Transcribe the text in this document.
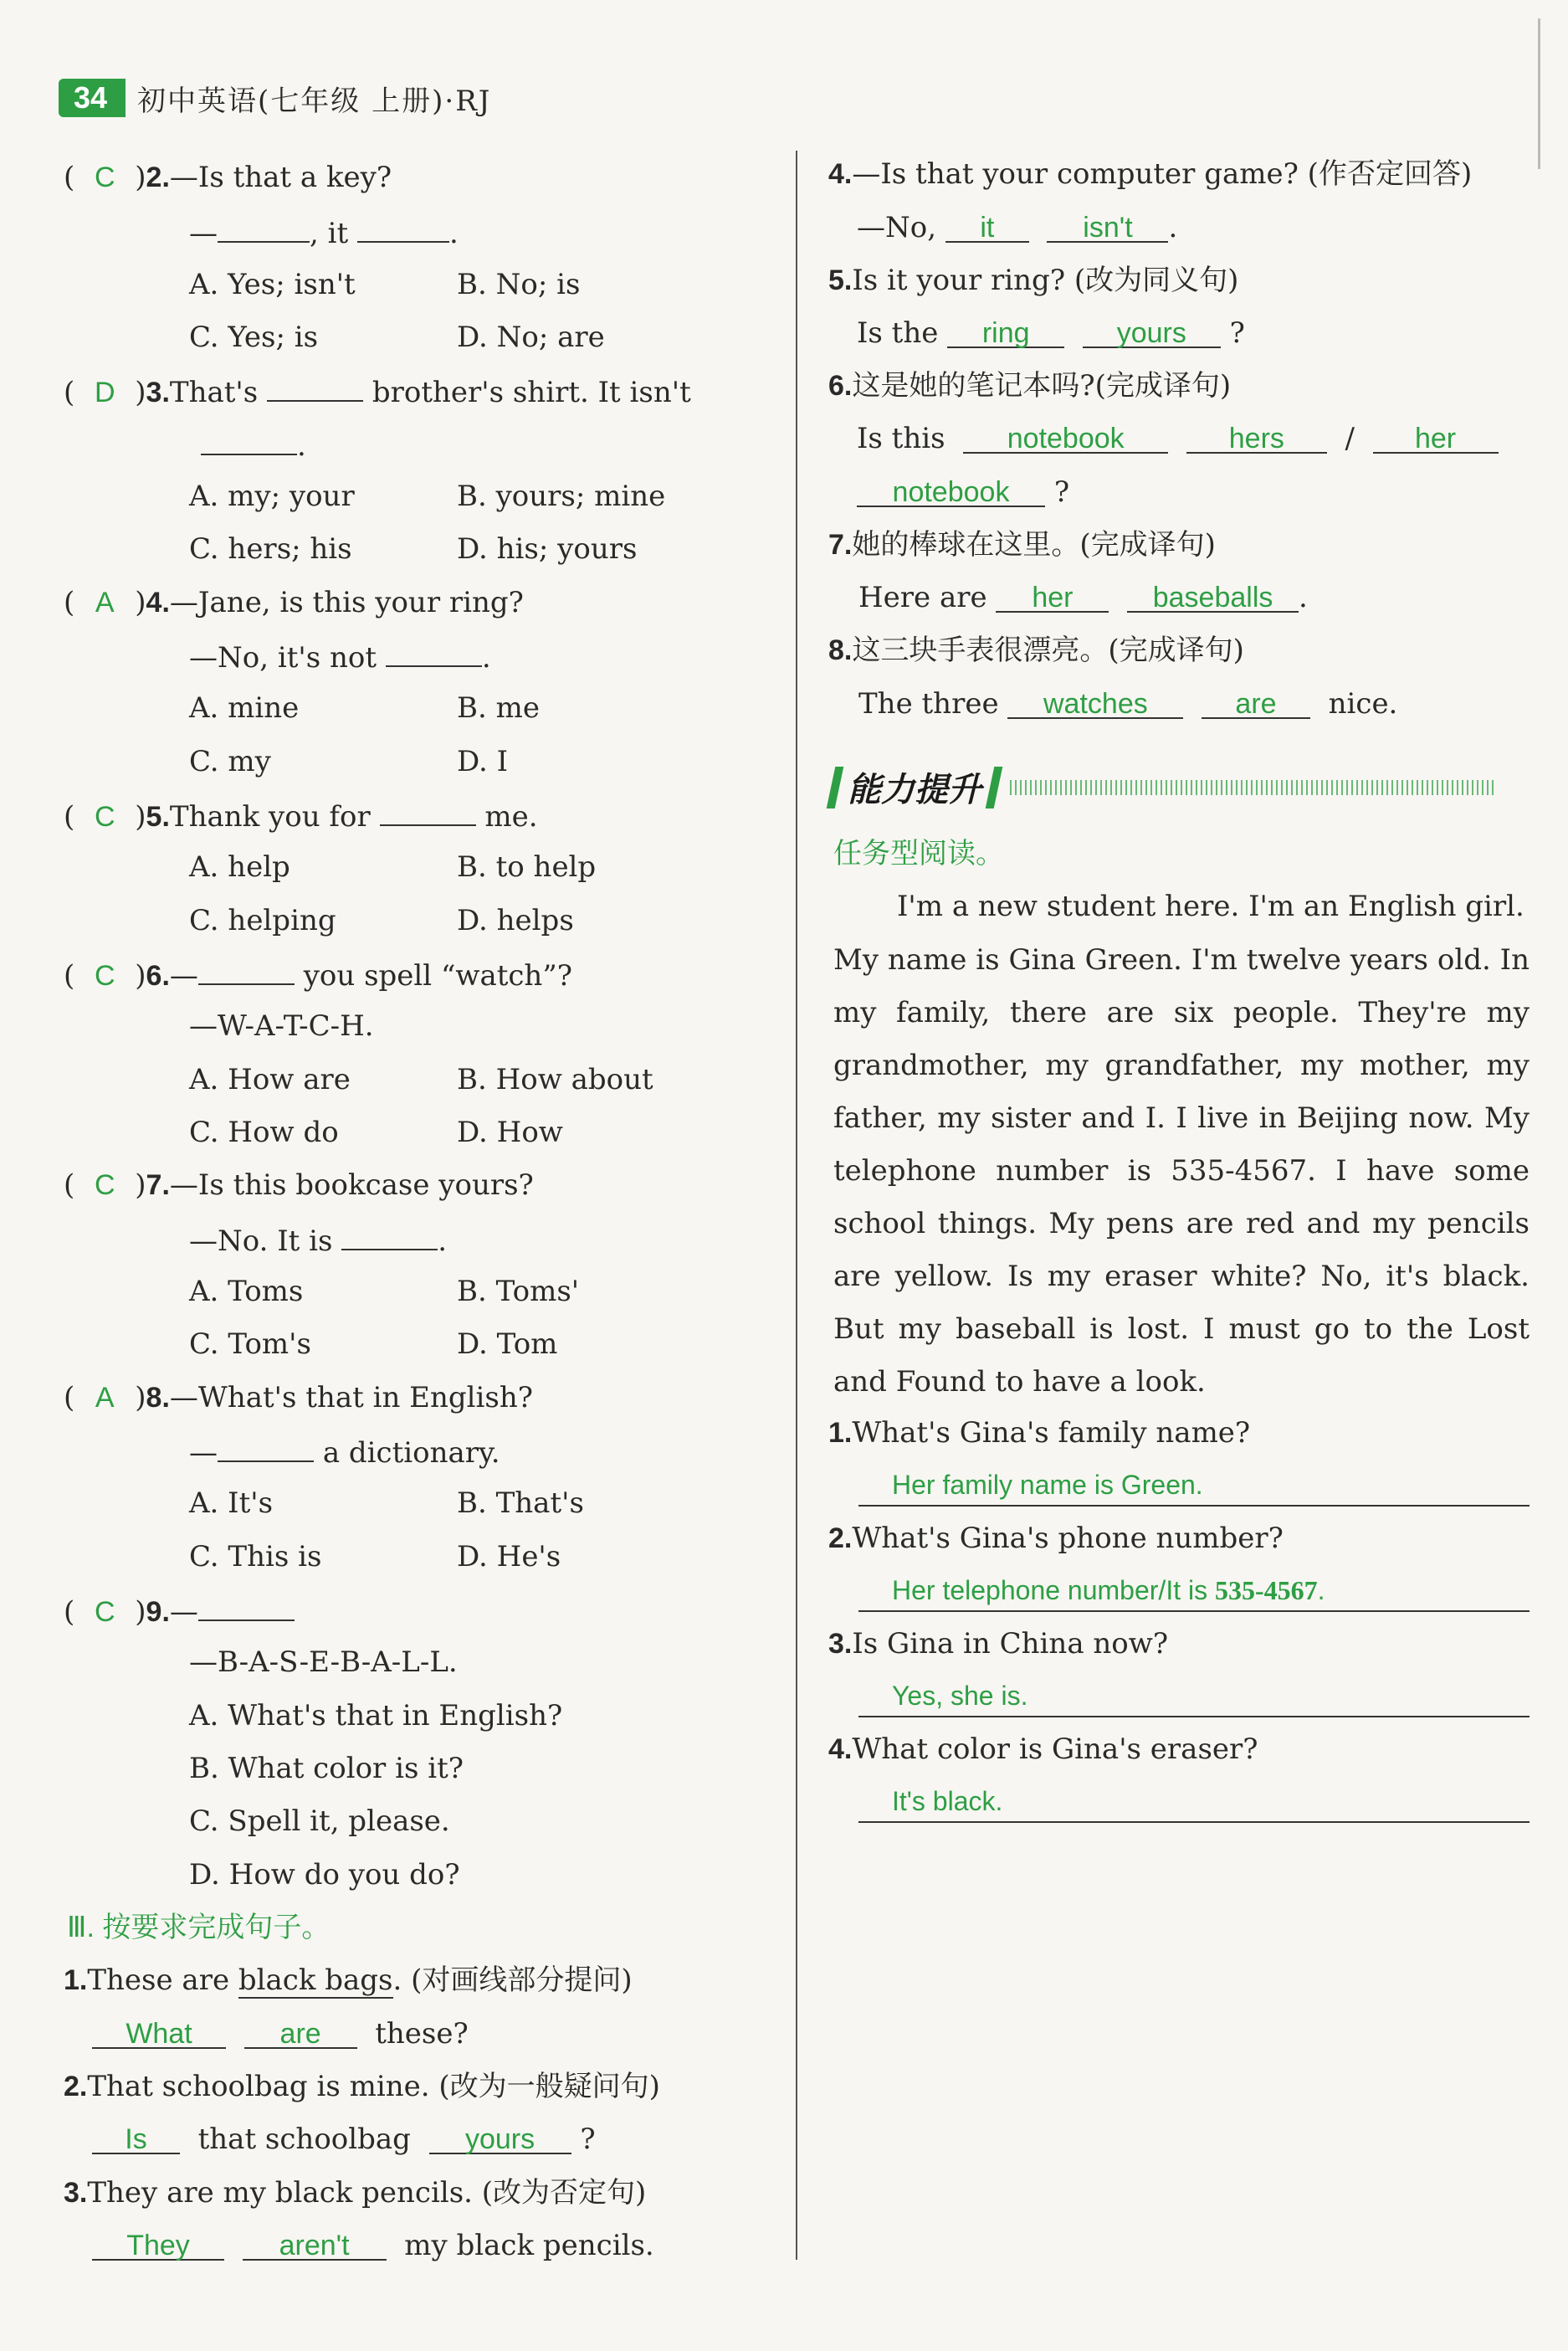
34	初中英语(七年级 上册)·RJ
( C )2.—Is that a key?
—	, it	.
A. Yes; isn't	B. No; is
C. Yes; is	D. No; are
( D )3.That's	brother's shirt. It isn't
.
A. my; your	B. yours; mine
C. hers; his	D. his; yours
( A )4.—Jane, is this your ring?
—No, it's not	.
A. mine	B. me
C. my	D. I
( C )5.Thank you for	me.
A. help	B. to help
C. helping	D. helps
( C )6.—	you spell “watch”?
—W-A-T-C-H.
A. How are	B. How about
C. How do	D. How
( C )7.—Is this bookcase yours?
—No. It is	.
A. Toms	B. Toms'
C. Tom's	D. Tom
( A )8.—What's that in English?
—	a dictionary.
A. It's	B. That's
C. This is	D. He's
( C )9.—
—B-A-S-E-B-A-L-L.
A. What's that in English?
B. What color is it?
C. Spell it, please.
D. How do you do?
Ⅲ. 按要求完成句子。
1.These are black bags. (对画线部分提问)
What	are these?
2.That schoolbag is mine. (改为一般疑问句)
Is that schoolbag yours ?
3.They are my black pencils. (改为否定句)
They	aren't my black pencils.
4.—Is that your computer game? (作否定回答)
—No, it	isn't .
5.Is it your ring? (改为同义句)
Is the ring	yours ?
6.这是她的笔记本吗?(完成译句)
Is this notebook	hers / her
notebook ?
7.她的棒球在这里。(完成译句)
Here are her	baseballs .
8.这三块手表很漂亮。(完成译句)
The three watches	are nice.
能力提升
任务型阅读。
I'm a new student here. I'm an English girl.
My name is Gina Green. I'm twelve years old. In
my family, there are six people. They're my
grandmother, my grandfather, my mother, my
father, my sister and I. I live in Beijing now. My
telephone number is 535-4567. I have some
school things. My pens are red and my pencils
are yellow. Is my eraser white? No, it's black.
But my baseball is lost. I must go to the Lost
and Found to have a look.
1.What's Gina's family name?
Her family name is Green.
2.What's Gina's phone number?
Her telephone number/It is 535-4567.
3.Is Gina in China now?
Yes, she is.
4.What color is Gina's eraser?
It's black.
